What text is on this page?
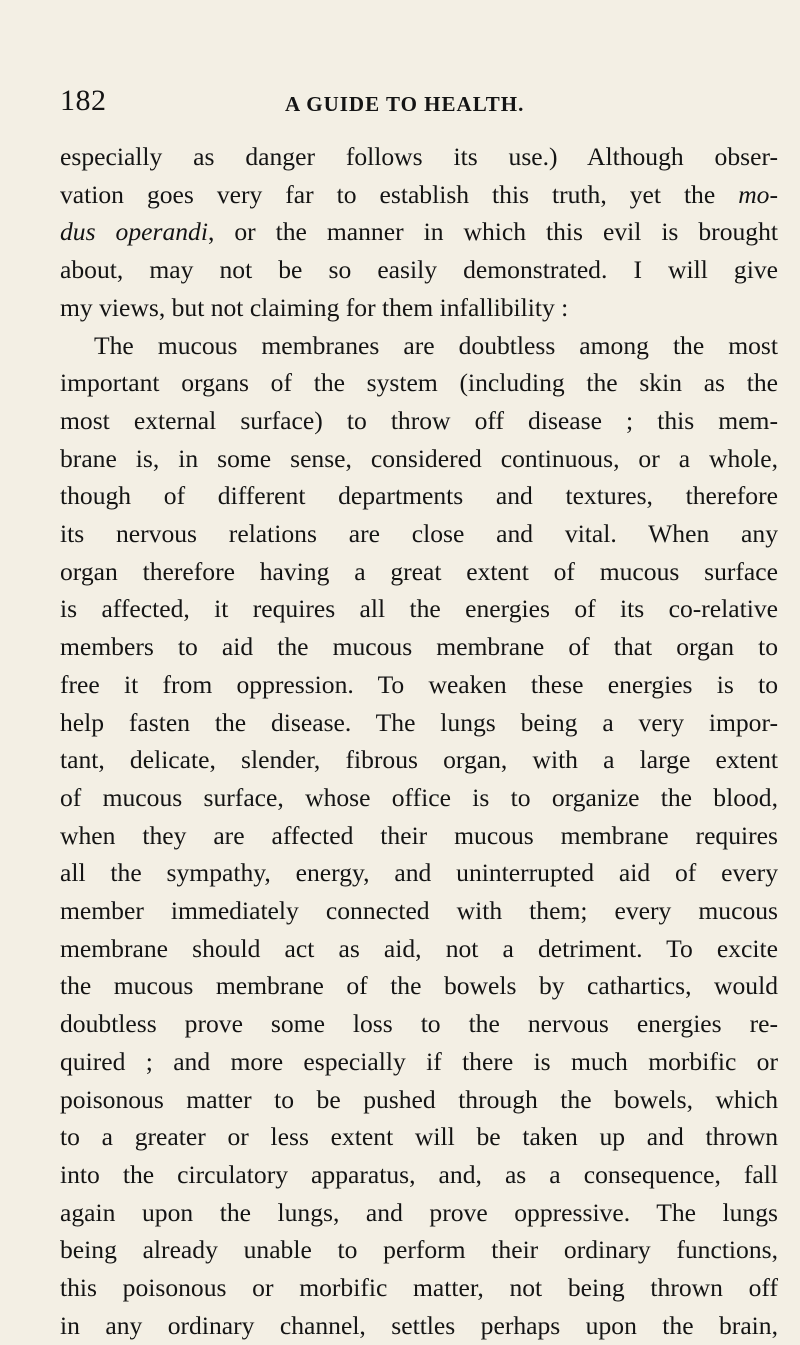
182	A GUIDE TO HEALTH.
especially as danger follows its use.) Although obser-
vation goes very far to establish this truth, yet the mo-
dus operandi, or the manner in which this evil is brought
about, may not be so easily demonstrated. I will give
my views, but not claiming for them infallibility :
The mucous membranes are doubtless among the most
important organs of the system (including the skin as the
most external surface) to throw off disease ; this mem-
brane is, in some sense, considered continuous, or a whole,
though of different departments and textures, therefore
its nervous relations are close and vital. When any
organ therefore having a great extent of mucous surface
is affected, it requires all the energies of its co-relative
members to aid the mucous membrane of that organ to
free it from oppression. To weaken these energies is to
help fasten the disease. The lungs being a very impor-
tant, delicate, slender, fibrous organ, with a large extent
of mucous surface, whose office is to organize the blood,
when they are affected their mucous membrane requires
all the sympathy, energy, and uninterrupted aid of every
member immediately connected with them; every mucous
membrane should act as aid, not a detriment. To excite
the mucous membrane of the bowels by cathartics, would
doubtless prove some loss to the nervous energies re-
quired ; and more especially if there is much morbific or
poisonous matter to be pushed through the bowels, which
to a greater or less extent will be taken up and thrown
into the circulatory apparatus, and, as a consequence, fall
again upon the lungs, and prove oppressive. The lungs
being already unable to perform their ordinary functions,
this poisonous or morbific matter, not being thrown off
in any ordinary channel, settles perhaps upon the brain,
